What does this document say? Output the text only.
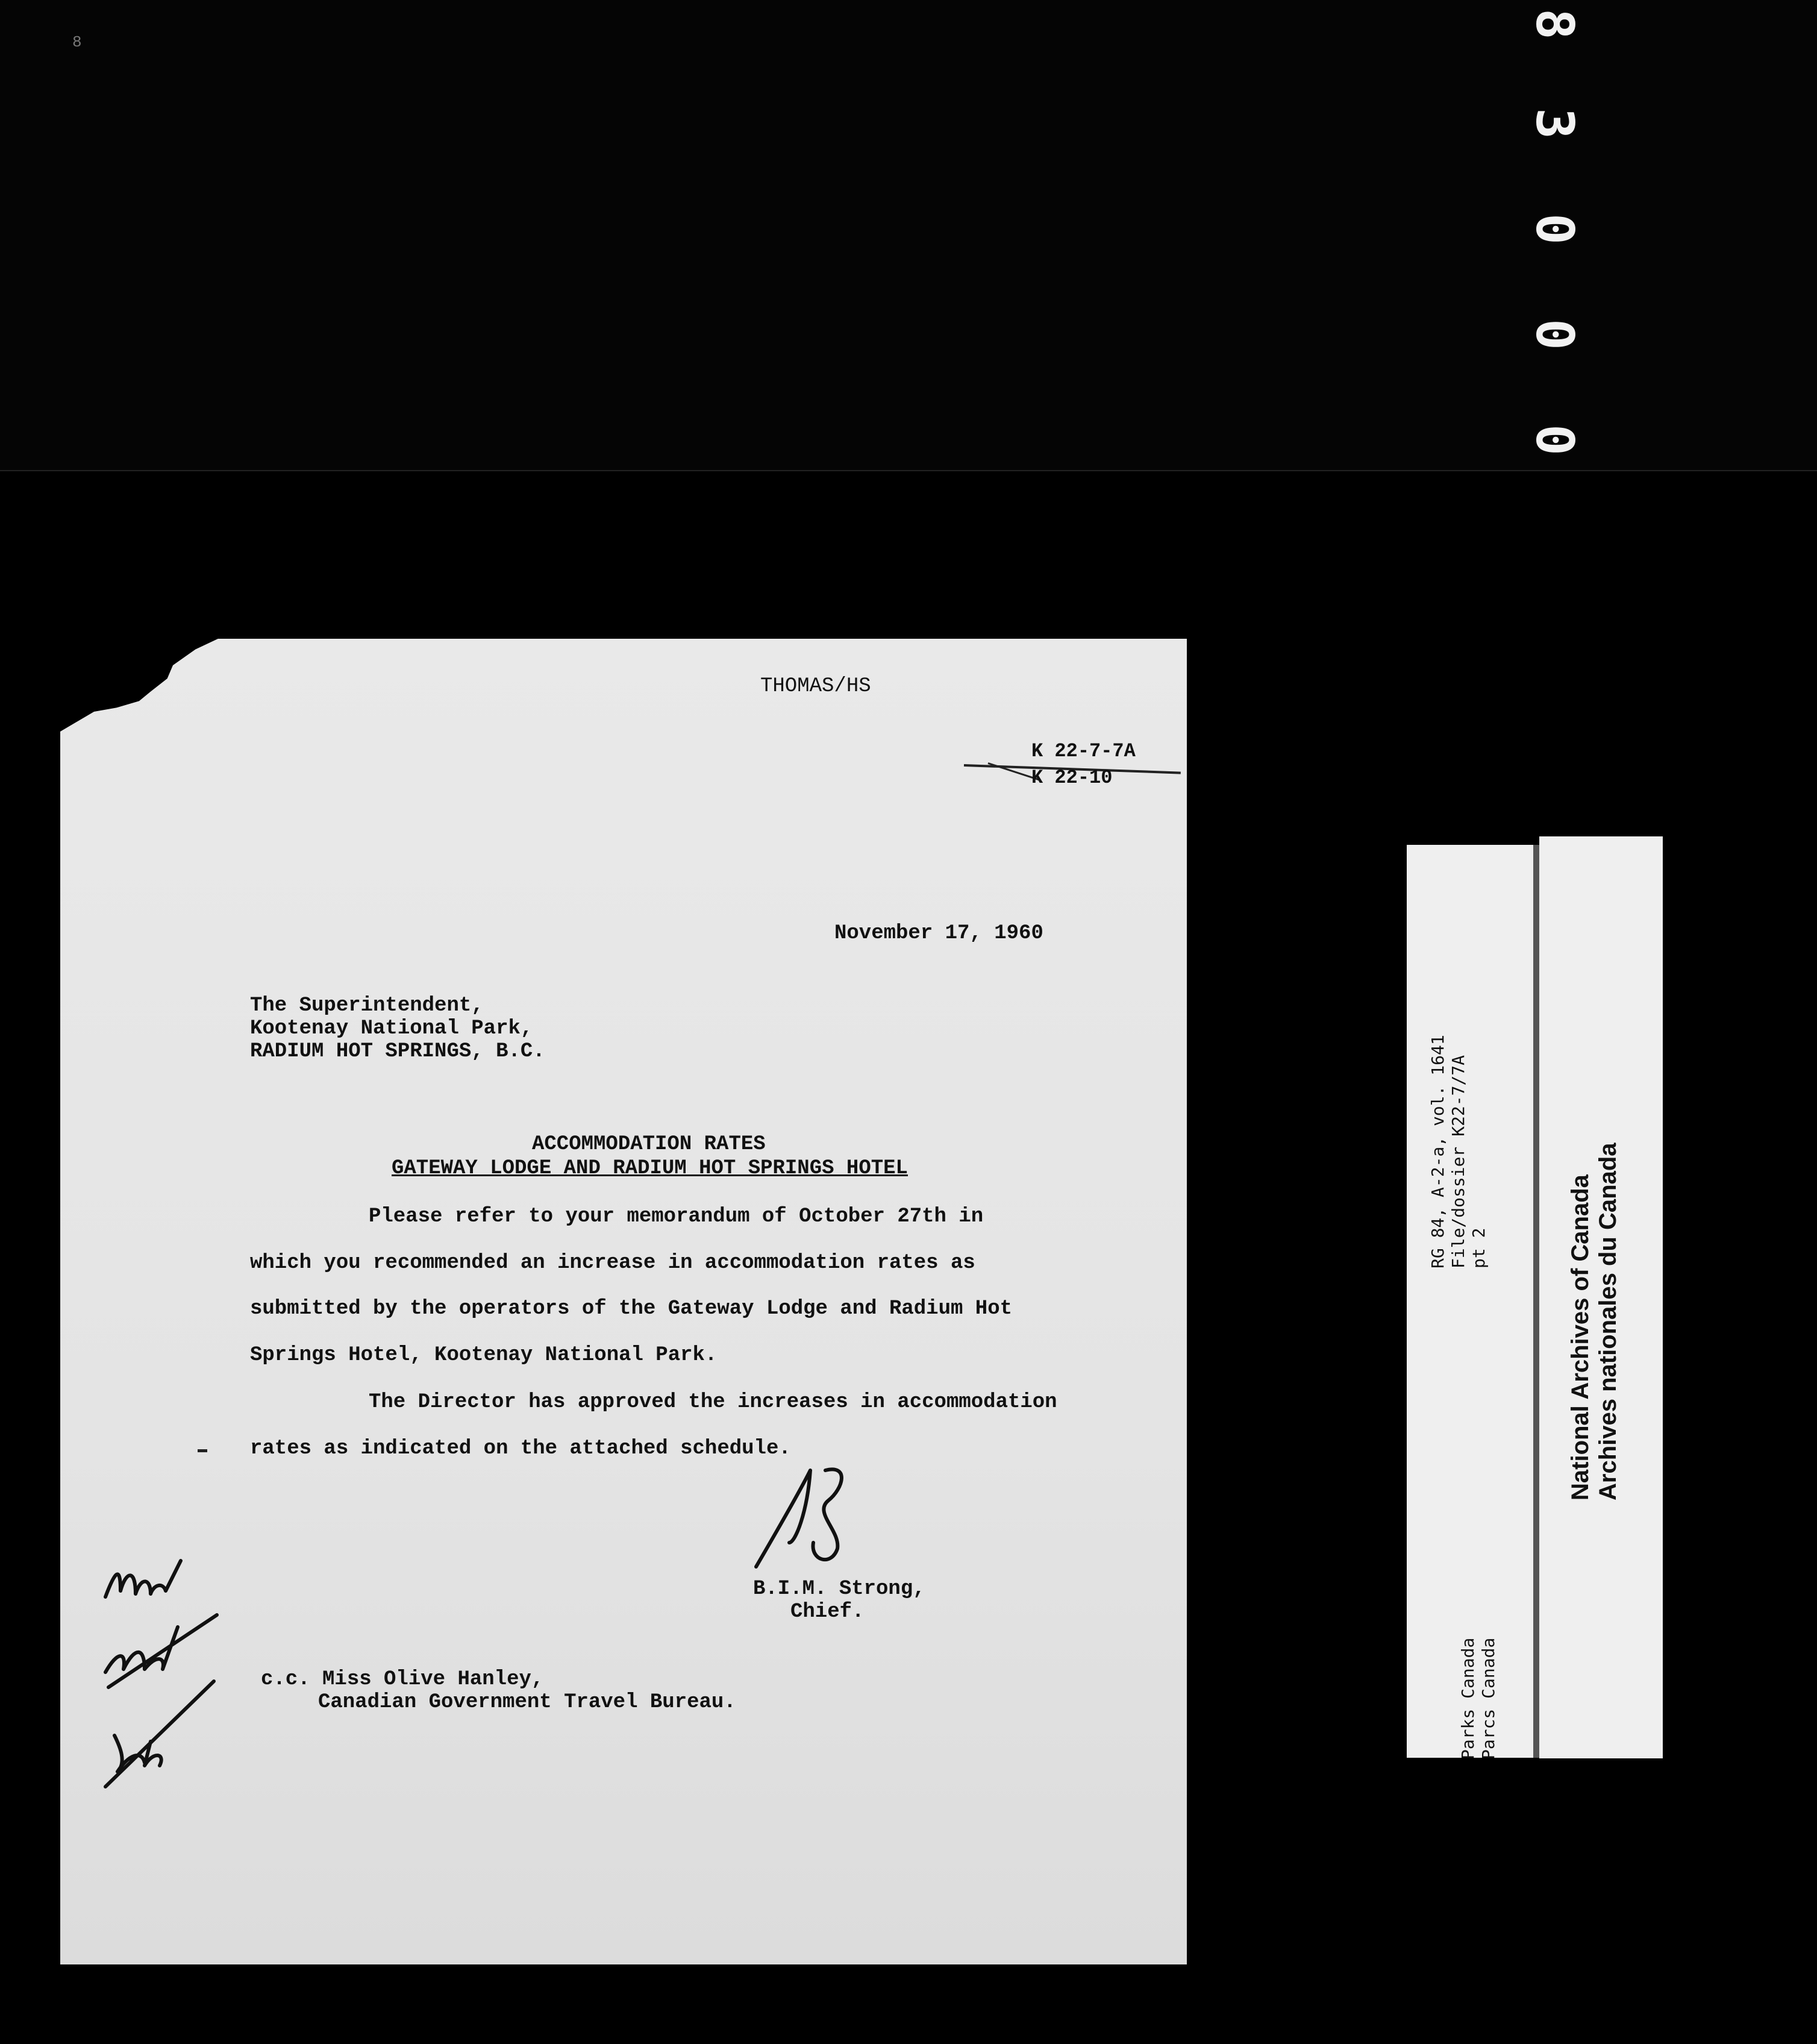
8
0
0
0
3
8
THOMAS/HS
K 22-7-7A
K 22-10
November 17, 1960
The Superintendent,
Kootenay National Park,
RADIUM HOT SPRINGS, B.C.
ACCOMMODATION RATES
GATEWAY LODGE AND RADIUM HOT SPRINGS HOTEL
Please refer to your memorandum of October 27th in
which you recommended an increase in accommodation rates as
submitted by the operators of the Gateway Lodge and Radium Hot
Springs Hotel, Kootenay National Park.
The Director has approved the increases in accommodation
rates as indicated on the attached schedule.
B.I.M. Strong,
Chief.
c.c. Miss Olive Hanley,
Canadian Government Travel Bureau.
RG 84, A-2-a, vol. 1641 File/dossier K22-7/7A pt 2
Parks Canada Parcs Canada
National Archives of Canada Archives nationales du Canada
